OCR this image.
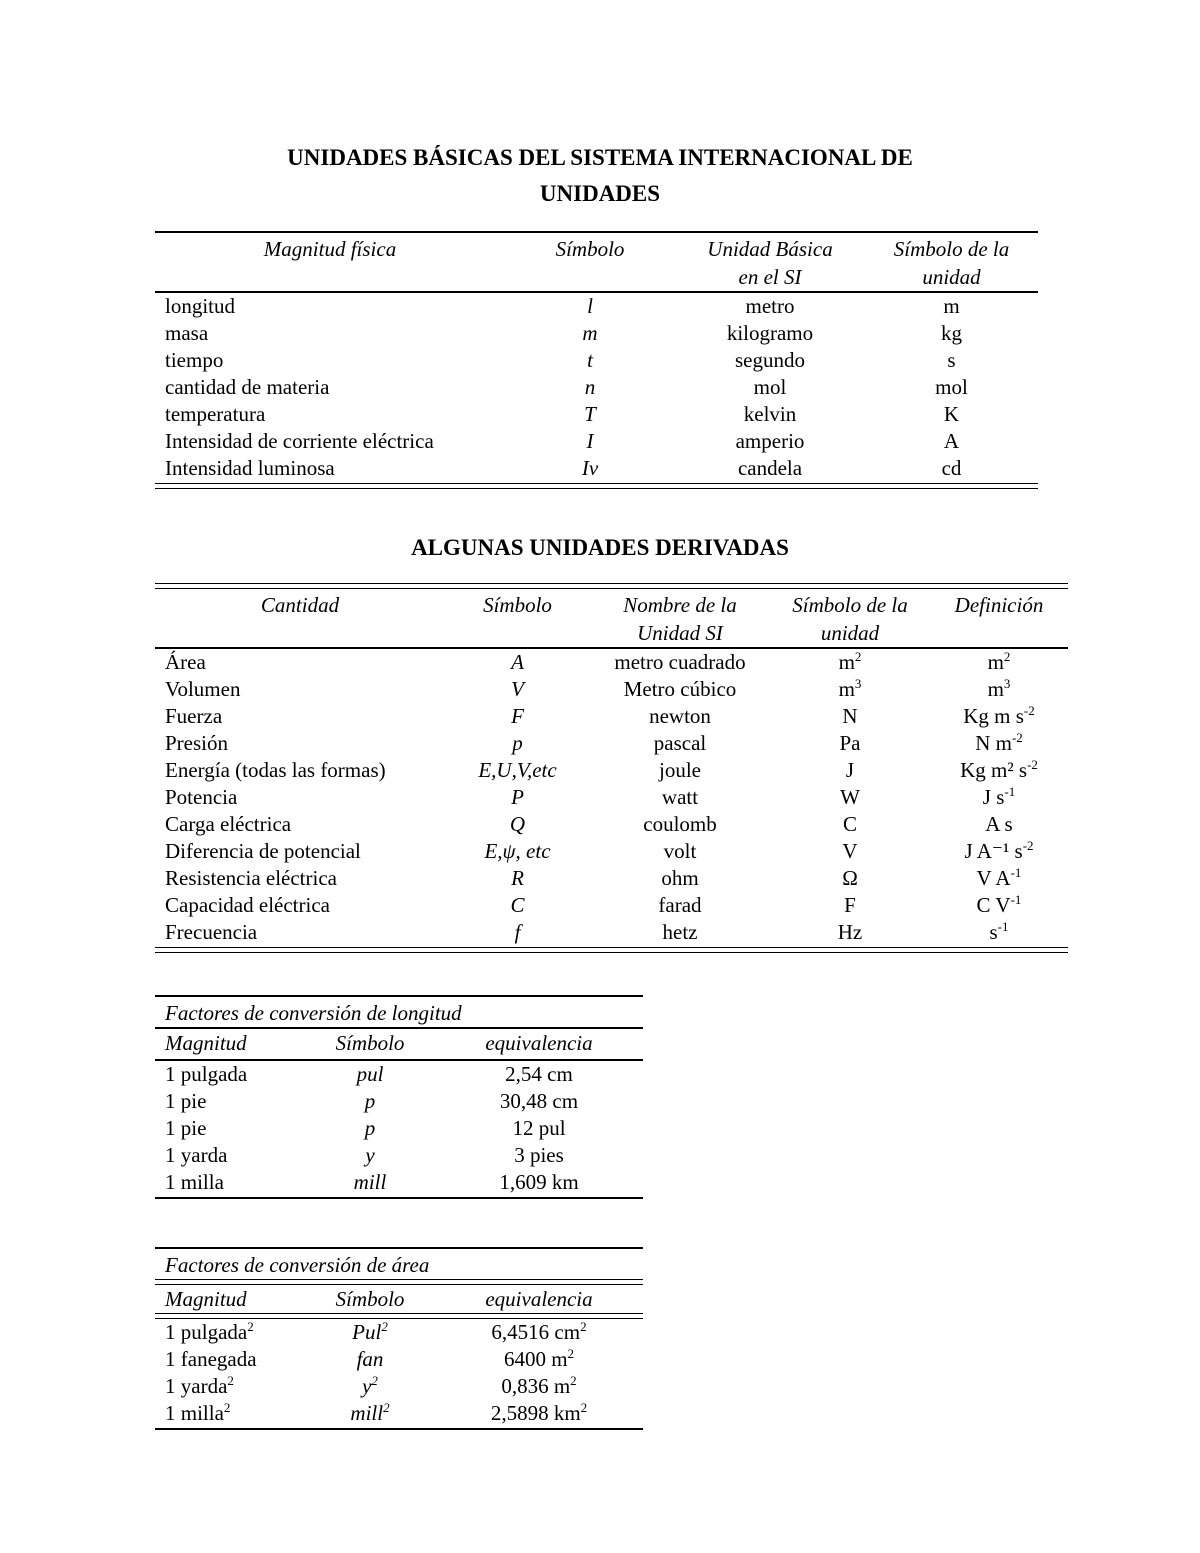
UNIDADES BÁSICAS DEL SISTEMA INTERNACIONAL DE
UNIDADES
Magnitud física	Símbolo	Unidad Básica	Símbolo de la
		en el SI	unidad
longitud	l	metro	m
masa	m	kilogramo	kg
tiempo	t	segundo	s
cantidad de materia	n	mol	mol
temperatura	T	kelvin	K
Intensidad de corriente eléctrica	I	amperio	A
Intensidad luminosa	Iν	candela	cd
ALGUNAS UNIDADES DERIVADAS
Cantidad	Símbolo	Nombre de la	Símbolo de la	Definición
		Unidad SI	unidad	
Área	A	metro cuadrado	$m^2$	$m^2$
Volumen	V	Metro cúbico	$m^3$	$m^3$
Fuerza	F	newton	N	Kg m $s^{-2}$
Presión	p	pascal	Pa	N $m^{-2}$
Energía (todas las formas)	E,U,V,etc	joule	J	Kg m² $s^{-2}$
Potencia	P	watt	W	J $s^{-1}$
Carga eléctrica	Q	coulomb	C	A s
Diferencia de potencial	E,ψ, etc	volt	V	J A⁻¹ $s^{-2}$
Resistencia eléctrica	R	ohm	Ω	V $A^{-1}$
Capacidad eléctrica	C	farad	F	C $V^{-1}$
Frecuencia	f	hetz	Hz	$s^{-1}$
Factores de conversión de longitud
Magnitud	Símbolo	equivalencia
1 pulgada	pul	2,54 cm
1 pie	p	30,48 cm
1 pie	p	12 pul
1 yarda	y	3 pies
1 milla	mill	1,609 km
Factores de conversión de área
Magnitud	Símbolo	equivalencia
1 pulgada$^2$	Pul$^2$	6,4516 $cm^2$
1 fanegada	fan	6400 $m^2$
1 yarda$^2$	$y^2$	0,836 $m^2$
1 milla$^2$	mill$^2$	2,5898 $km^2$
